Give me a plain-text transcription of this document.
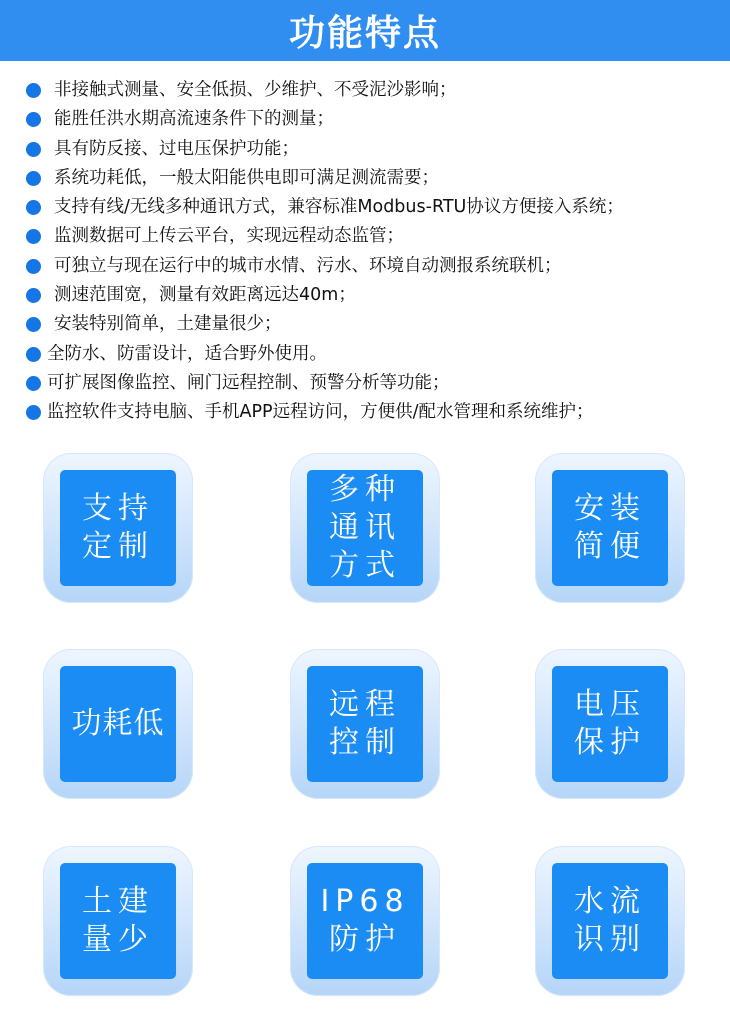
功能特点
非接触式测量、安全低损、少维护、不受泥沙影响；
能胜任洪水期高流速条件下的测量；
具有防反接、过电压保护功能；
系统功耗低，一般太阳能供电即可满足测流需要；
支持有线/无线多种通讯方式，兼容标准Modbus-RTU协议方便接入系统；
监测数据可上传云平台，实现远程动态监管；
可独立与现在运行中的城市水情、污水、环境自动测报系统联机；
测速范围宽，测量有效距离远达40m；
安装特别简单，土建量很少；
全防水、防雷设计，适合野外使用。
可扩展图像监控、闸门远程控制、预警分析等功能；
监控软件支持电脑、手机APP远程访问，方便供/配水管理和系统维护；
支持
定制
多种
通讯
方式
安装
简便
功耗低
远程
控制
电压
保护
土建
量少
IP68
防护
水流
识别
